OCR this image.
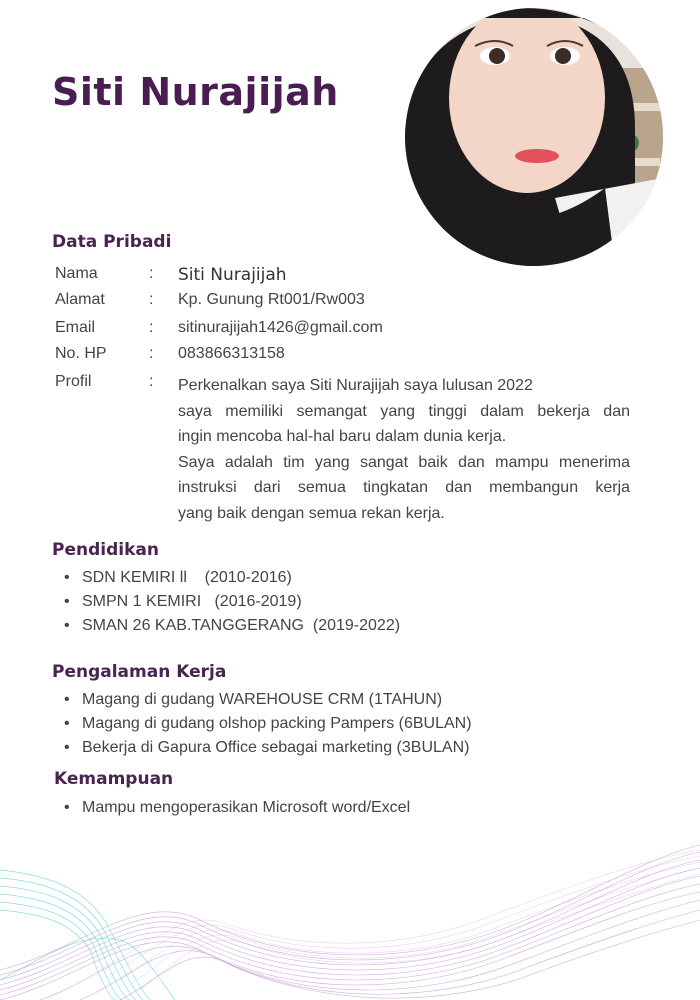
Siti Nurajijah
Data Pribadi
Nama	: Siti Nurajijah
Alamat	: Kp. Gunung Rt001/Rw003
Email	: sitinurajijah1426@gmail.com
No. HP	: 083866313158
Profil	: Perkenalkan saya Siti Nurajijah saya lulusan 2022

saya memiliki semangat yang tinggi dalam bekerja dan

ingin mencoba hal-hal baru dalam dunia kerja.

Saya adalah tim yang sangat baik dan mampu menerima

instruksi dari semua tingkatan dan membangun kerja

yang baik dengan semua rekan kerja.

Pendidikan
• SDN KEMIRI ll    (2010-2016)
• SMPN 1 KEMIRI   (2016-2019)
• SMAN 26 KAB.TANGGERANG  (2019-2022)
Pengalaman Kerja
• Magang di gudang WAREHOUSE CRM (1TAHUN)
• Magang di gudang olshop packing Pampers (6BULAN)
• Bekerja di Gapura Office sebagai marketing (3BULAN)
Kemampuan
• Mampu mengoperasikan Microsoft word/Excel
